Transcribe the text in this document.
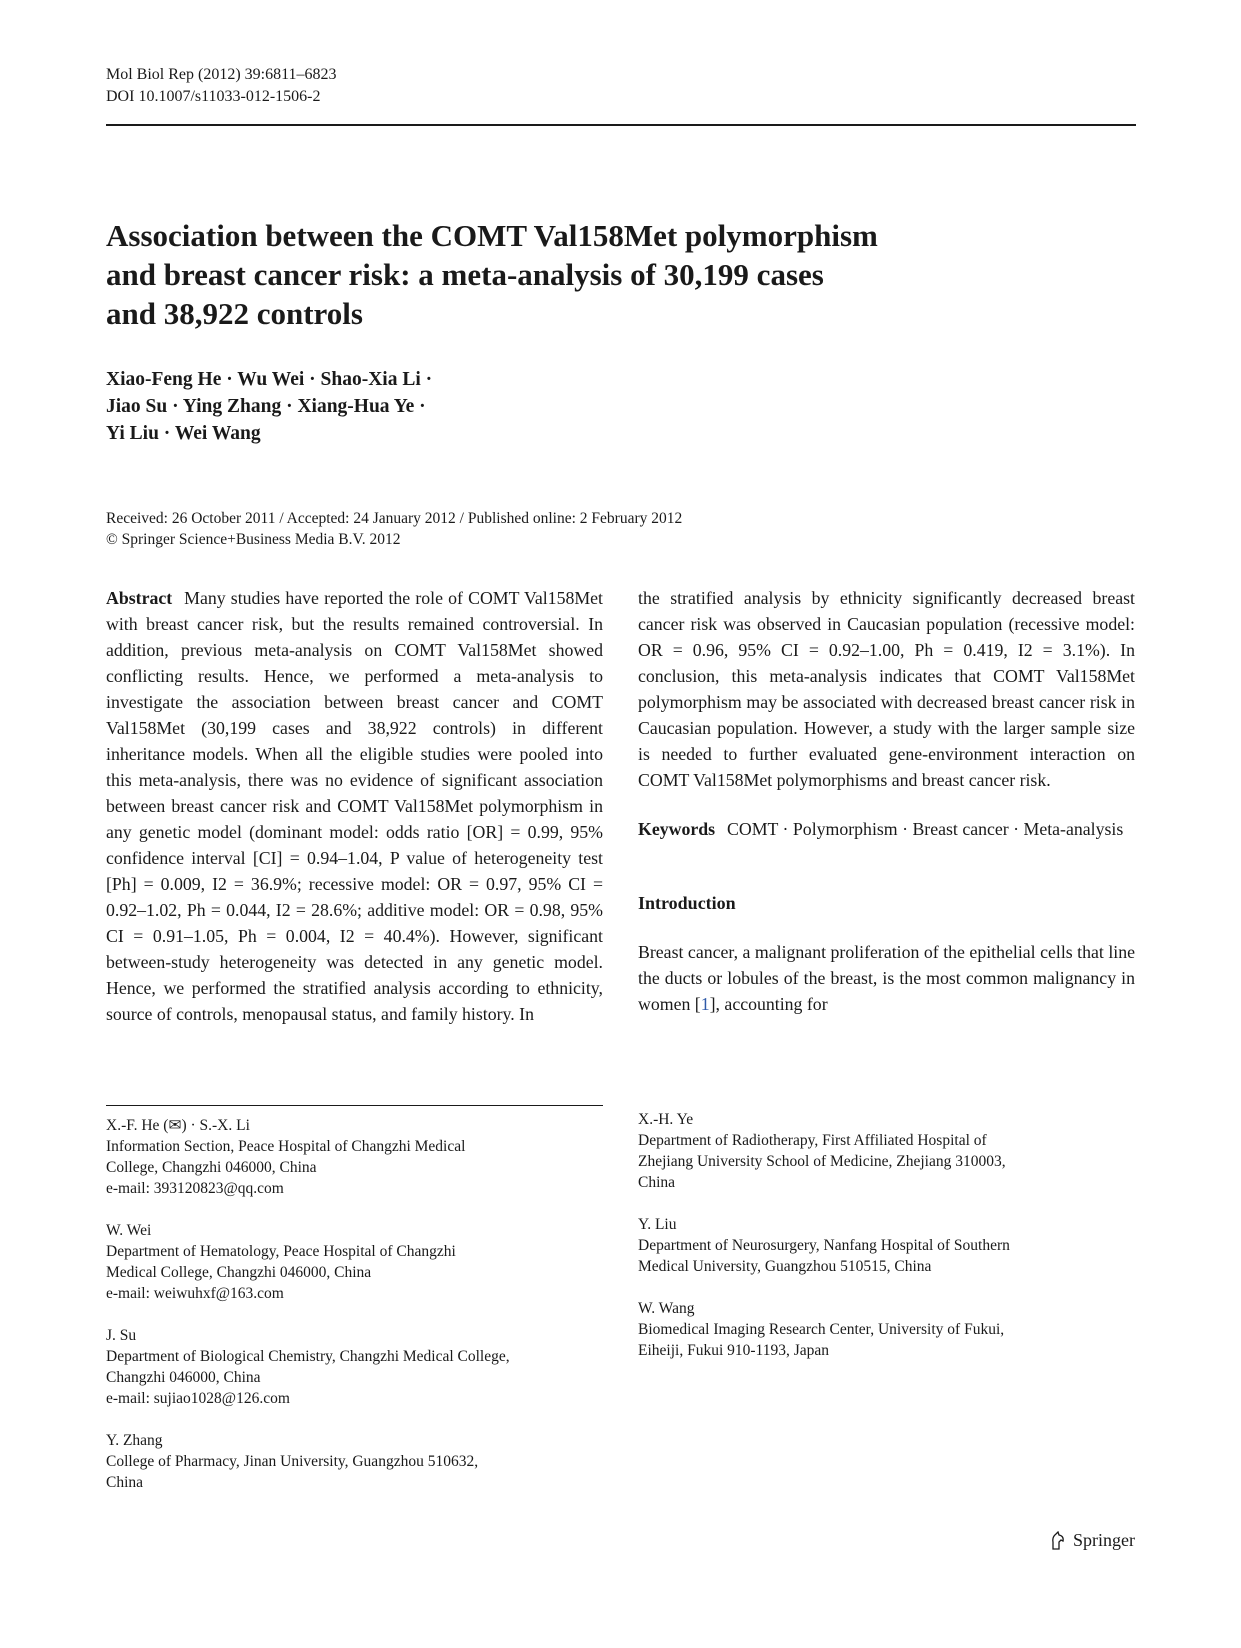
Mol Biol Rep (2012) 39:6811–6823
DOI 10.1007/s11033-012-1506-2
Association between the COMT Val158Met polymorphism
and breast cancer risk: a meta-analysis of 30,199 cases
and 38,922 controls
Xiao-Feng He · Wu Wei · Shao-Xia Li ·
Jiao Su · Ying Zhang · Xiang-Hua Ye ·
Yi Liu · Wei Wang
Received: 26 October 2011 / Accepted: 24 January 2012 / Published online: 2 February 2012
© Springer Science+Business Media B.V. 2012
Abstract Many studies have reported the role of COMT Val158Met with breast cancer risk, but the results remained controversial. In addition, previous meta-analysis on COMT Val158Met showed conflicting results. Hence, we performed a meta-analysis to investigate the association between breast cancer and COMT Val158Met (30,199 cases and 38,922 controls) in different inheritance models. When all the eligible studies were pooled into this meta-analysis, there was no evidence of significant association between breast cancer risk and COMT Val158Met polymorphism in any genetic model (dominant model: odds ratio [OR] = 0.99, 95% confidence interval [CI] = 0.94–1.04, P value of heterogeneity test [Ph] = 0.009, I2 = 36.9%; recessive model: OR = 0.97, 95% CI = 0.92–1.02, Ph = 0.044, I2 = 28.6%; additive model: OR = 0.98, 95% CI = 0.91–1.05, Ph = 0.004, I2 = 40.4%). However, significant between-study heterogeneity was detected in any genetic model. Hence, we performed the stratified analysis according to ethnicity, source of controls, menopausal status, and family history. In
the stratified analysis by ethnicity significantly decreased breast cancer risk was observed in Caucasian population (recessive model: OR = 0.96, 95% CI = 0.92–1.00, Ph = 0.419, I2 = 3.1%). In conclusion, this meta-analysis indicates that COMT Val158Met polymorphism may be associated with decreased breast cancer risk in Caucasian population. However, a study with the larger sample size is needed to further evaluated gene-environment interaction on COMT Val158Met polymorphisms and breast cancer risk.
Keywords COMT · Polymorphism · Breast cancer · Meta-analysis
Introduction
Breast cancer, a malignant proliferation of the epithelial cells that line the ducts or lobules of the breast, is the most common malignancy in women [1], accounting for
X.-F. He (✉) · S.-X. Li
Information Section, Peace Hospital of Changzhi Medical
College, Changzhi 046000, China
e-mail: 393120823@qq.com
W. Wei
Department of Hematology, Peace Hospital of Changzhi
Medical College, Changzhi 046000, China
e-mail: weiwuhxf@163.com
J. Su
Department of Biological Chemistry, Changzhi Medical College,
Changzhi 046000, China
e-mail: sujiao1028@126.com
Y. Zhang
College of Pharmacy, Jinan University, Guangzhou 510632,
China
X.-H. Ye
Department of Radiotherapy, First Affiliated Hospital of
Zhejiang University School of Medicine, Zhejiang 310003,
China
Y. Liu
Department of Neurosurgery, Nanfang Hospital of Southern
Medical University, Guangzhou 510515, China
W. Wang
Biomedical Imaging Research Center, University of Fukui,
Eiheiji, Fukui 910-1193, Japan
Springer
